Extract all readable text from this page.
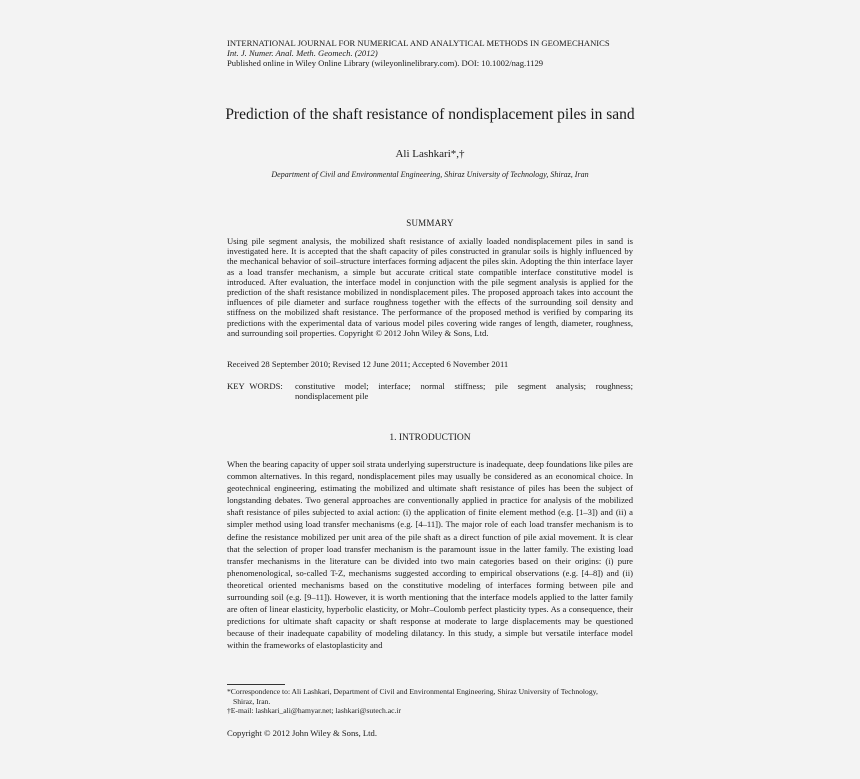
INTERNATIONAL JOURNAL FOR NUMERICAL AND ANALYTICAL METHODS IN GEOMECHANICS
Int. J. Numer. Anal. Meth. Geomech. (2012)
Published online in Wiley Online Library (wileyonlinelibrary.com). DOI: 10.1002/nag.1129
Prediction of the shaft resistance of nondisplacement piles in sand
Ali Lashkari*,†
Department of Civil and Environmental Engineering, Shiraz University of Technology, Shiraz, Iran
SUMMARY

Using pile segment analysis, the mobilized shaft resistance of axially loaded nondisplacement piles in sand is investigated here. It is accepted that the shaft capacity of piles constructed in granular soils is highly influenced by the mechanical behavior of soil–structure interfaces forming adjacent the piles skin. Adopting the thin interface layer as a load transfer mechanism, a simple but accurate critical state compatible interface constitutive model is introduced. After evaluation, the interface model in conjunction with the pile segment analysis is applied for the prediction of the shaft resistance mobilized in nondisplacement piles. The proposed approach takes into account the influences of pile diameter and surface roughness together with the effects of the surrounding soil density and stiffness on the mobilized shaft resistance. The performance of the proposed method is verified by comparing its predictions with the experimental data of various model piles covering wide ranges of length, diameter, roughness, and surrounding soil properties. Copyright © 2012 John Wiley & Sons, Ltd.

Received 28 September 2010; Revised 12 June 2011; Accepted 6 November 2011
KEY WORDS: constitutive model; interface; normal stiffness; pile segment analysis; roughness; nondisplacement pile
1. INTRODUCTION

When the bearing capacity of upper soil strata underlying superstructure is inadequate, deep foundations like piles are common alternatives. In this regard, nondisplacement piles may usually be considered as an economical choice. In geotechnical engineering, estimating the mobilized and ultimate shaft resistance of piles has been the subject of longstanding debates. Two general approaches are conventionally applied in practice for analysis of the mobilized shaft resistance of piles subjected to axial action: (i) the application of finite element method (e.g. [1–3]) and (ii) a simpler method using load transfer mechanisms (e.g. [4–11]). The major role of each load transfer mechanism is to define the resistance mobilized per unit area of the pile shaft as a direct function of pile axial movement. It is clear that the selection of proper load transfer mechanism is the paramount issue in the latter family. The existing load transfer mechanisms in the literature can be divided into two main categories based on their origins: (i) pure phenomenological, so-called T-Z, mechanisms suggested according to empirical observations (e.g. [4–8]) and (ii) theoretical oriented mechanisms based on the constitutive modeling of interfaces forming between pile and surrounding soil (e.g. [9–11]). However, it is worth mentioning that the interface models applied to the latter family are often of linear elasticity, hyperbolic elasticity, or Mohr–Coulomb perfect plasticity types. As a consequence, their predictions for ultimate shaft capacity or shaft response at moderate to large displacements may be questioned because of their inadequate capability of modeling dilatancy. In this study, a simple but versatile interface model within the frameworks of elastoplasticity and

*Correspondence to: Ali Lashkari, Department of Civil and Environmental Engineering, Shiraz University of Technology,
Shiraz, Iran.
†E-mail: lashkari_ali@hamyar.net; lashkari@sutech.ac.ir
Copyright © 2012 John Wiley & Sons, Ltd.
